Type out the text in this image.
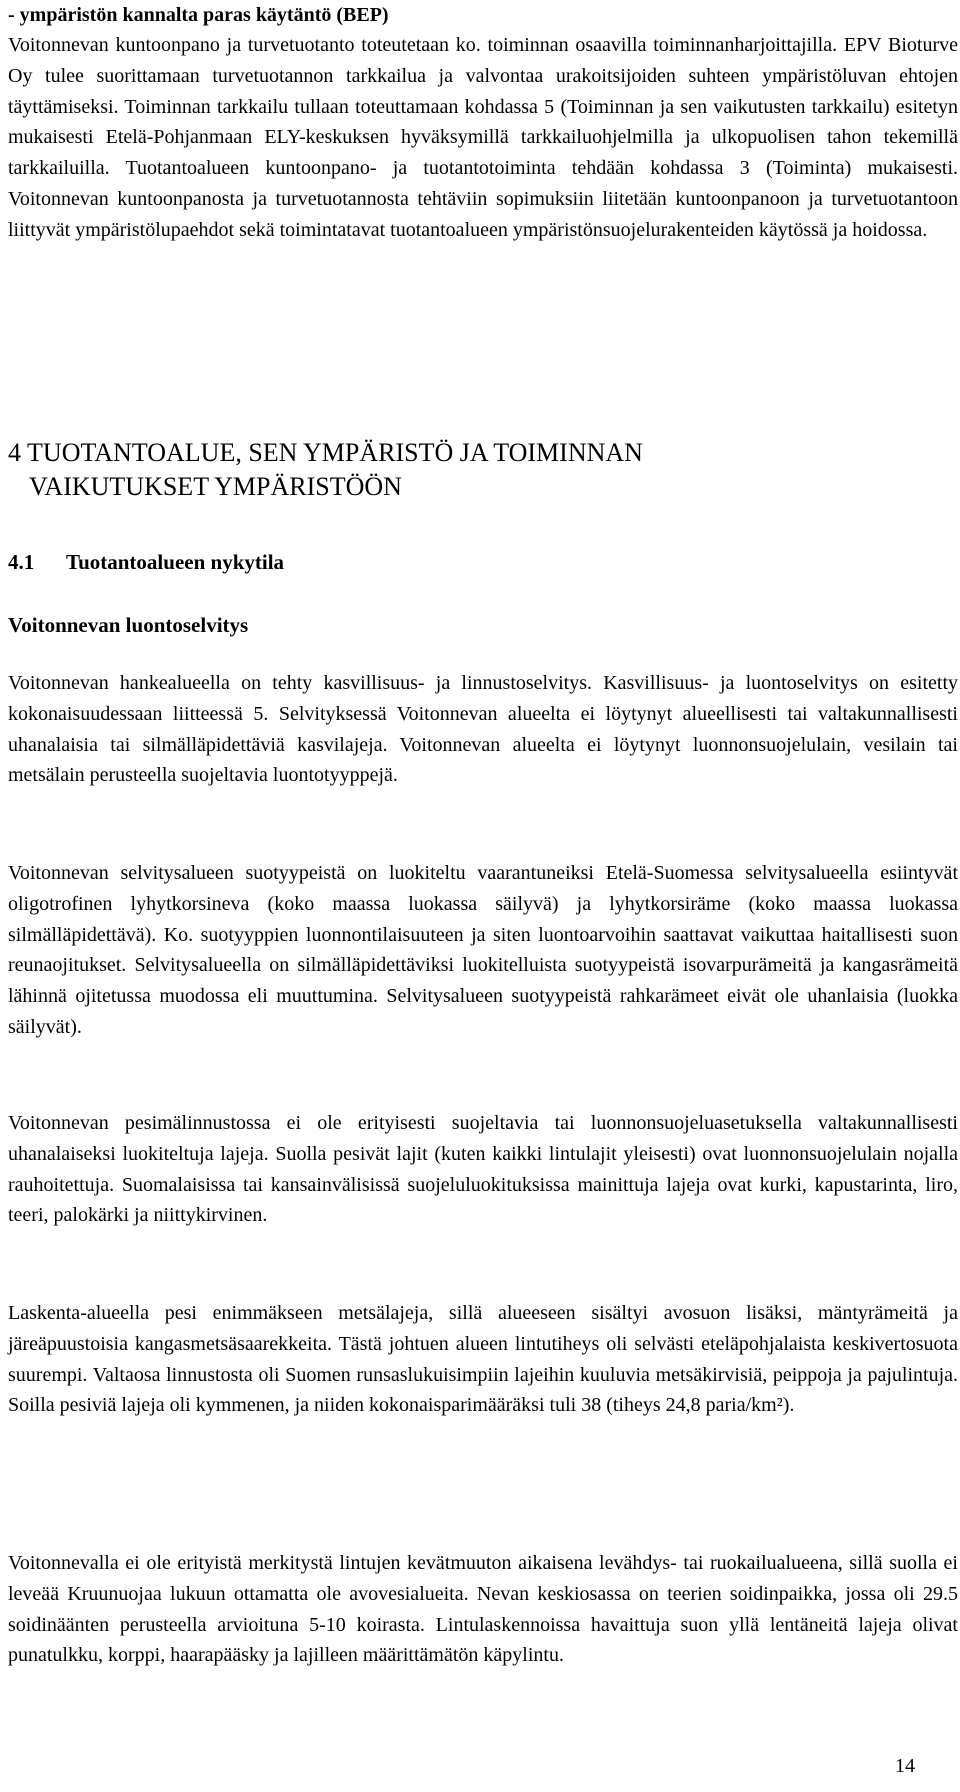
- ympäristön kannalta paras käytäntö (BEP)

Voitonnevan kuntoonpano ja turvetuotanto toteutetaan ko. toiminnan osaavilla toiminnanharjoittajilla. EPV Bioturve Oy tulee suorittamaan turvetuotannon tarkkailua ja valvontaa urakoitsijoiden suhteen ympäristöluvan ehtojen täyttämiseksi. Toiminnan tarkkailu tullaan toteuttamaan kohdassa 5 (Toiminnan ja sen vaikutusten tarkkailu) esitetyn mukaisesti Etelä-Pohjanmaan ELY-keskuksen hyväksymillä tarkkailuohjelmilla ja ulkopuolisen tahon tekemillä tarkkailuilla. Tuotantoalueen kuntoonpano- ja tuotantotoiminta tehdään kohdassa 3 (Toiminta) mukaisesti. Voitonnevan kuntoonpanosta ja turvetuotannosta tehtäviin sopimuksiin liitetään kuntoonpanoon ja turvetuotantoon liittyvät ympäristölupaehdot sekä toimintatavat tuotantoalueen ympäristönsuojelurakenteiden käytössä ja hoidossa.

4 TUOTANTOALUE, SEN YMPÄRISTÖ JA TOIMINNAN
VAIKUTUKSET YMPÄRISTÖÖN
4.1 Tuotantoalueen nykytila
Voitonnevan luontoselvitys

Voitonnevan hankealueella on tehty kasvillisuus- ja linnustoselvitys. Kasvillisuus- ja luontoselvitys on esitetty kokonaisuudessaan liitteessä 5. Selvityksessä Voitonnevan alueelta ei löytynyt alueellisesti tai valtakunnallisesti uhanalaisia tai silmälläpidettäviä kasvilajeja. Voitonnevan alueelta ei löytynyt luonnonsuojelulain, vesilain tai metsälain perusteella suojeltavia luontotyyppejä.

Voitonnevan selvitysalueen suotyypeistä on luokiteltu vaarantuneiksi Etelä-Suomessa selvitysalueella esiintyvät oligotrofinen lyhytkorsineva (koko maassa luokassa säilyvä) ja lyhytkorsiräme (koko maassa luokassa silmälläpidettävä). Ko. suotyyppien luonnontilaisuuteen ja siten luontoarvoihin saattavat vaikuttaa haitallisesti suon reunaojitukset. Selvitysalueella on silmälläpidettäviksi luokitelluista suotyypeistä isovarpurämeitä ja kangasrämeitä lähinnä ojitetussa muodossa eli muuttumina. Selvitysalueen suotyypeistä rahkarämeet eivät ole uhanlaisia (luokka säilyvät).

Voitonnevan pesimälinnustossa ei ole erityisesti suojeltavia tai luonnonsuojeluasetuksella valtakunnallisesti uhanalaiseksi luokiteltuja lajeja. Suolla pesivät lajit (kuten kaikki lintulajit yleisesti) ovat luonnonsuojelulain nojalla rauhoitettuja. Suomalaisissa tai kansainvälisissä suojeluluokituksissa mainittuja lajeja ovat kurki, kapustarinta, liro, teeri, palokärki ja niittykirvinen.

Laskenta-alueella pesi enimmäkseen metsälajeja, sillä alueeseen sisältyi avosuon lisäksi, mäntyrämeitä ja järeäpuustoisia kangasmetsäsaarekkeita. Tästä johtuen alueen lintutiheys oli selvästi eteläpohjalaista keskivertosuota suurempi. Valtaosa linnustosta oli Suomen runsaslukuisimpiin lajeihin kuuluvia metsäkirvisiä, peippoja ja pajulintuja. Soilla pesiviä lajeja oli kymmenen, ja niiden kokonaisparimääräksi tuli 38 (tiheys 24,8 paria/km²).

Voitonnevalla ei ole erityistä merkitystä lintujen kevätmuuton aikaisena levähdys- tai ruokailualueena, sillä suolla ei leveää Kruunuojaa lukuun ottamatta ole avovesialueita. Nevan keskiosassa on teerien soidinpaikka, jossa oli 29.5 soidinäänten perusteella arvioituna 5-10 koirasta. Lintulaskennoissa havaittuja suon yllä lentäneitä lajeja olivat punatulkku, korppi, haarapääsky ja lajilleen määrittämätön käpylintu.

14
